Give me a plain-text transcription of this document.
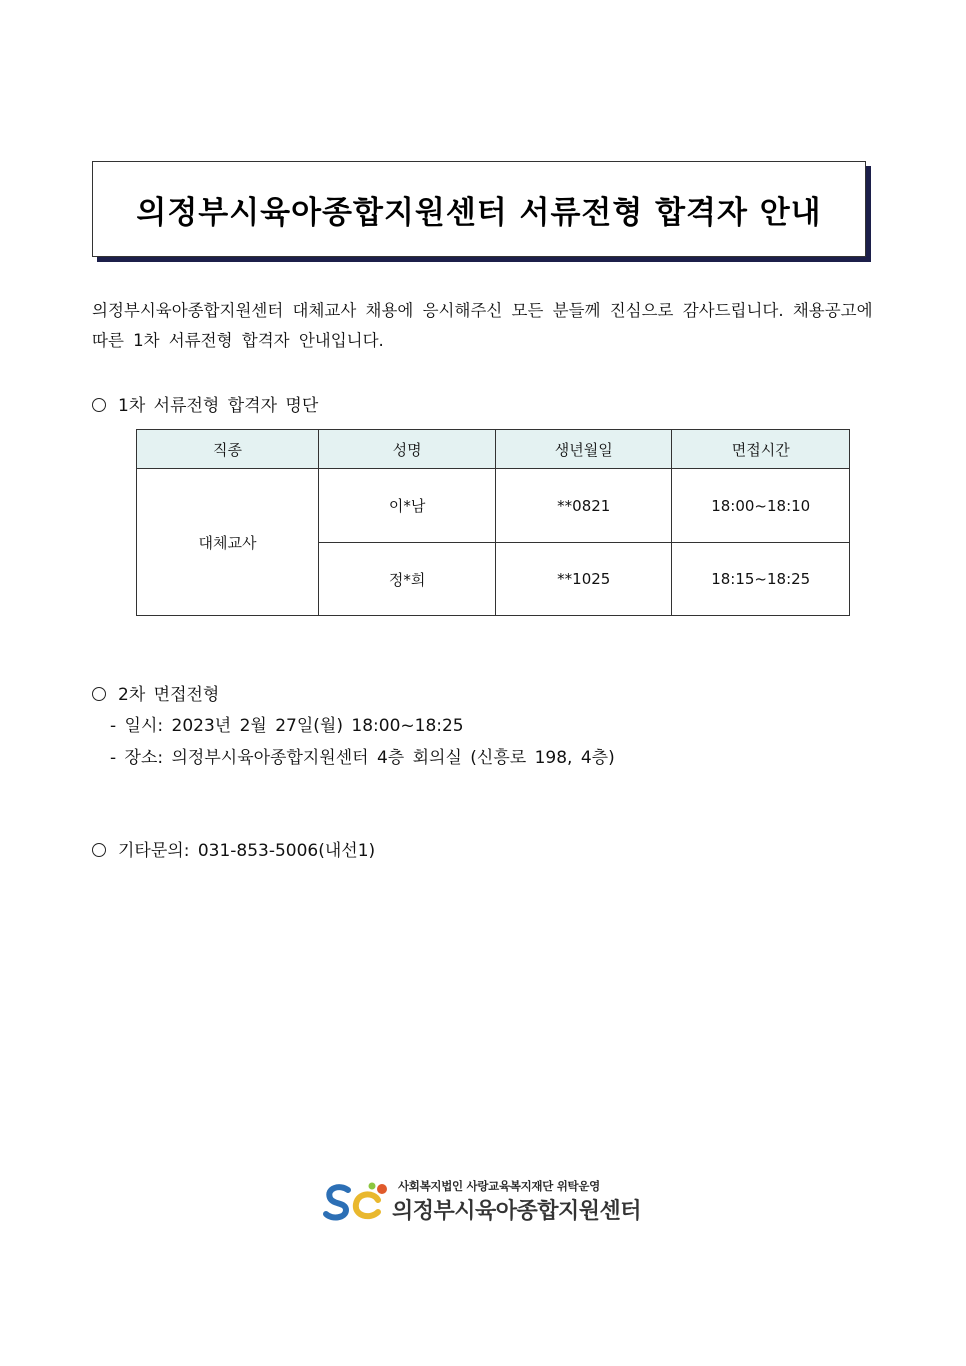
의정부시육아종합지원센터 서류전형 합격자 안내

의정부시육아종합지원센터 대체교사 채용에 응시해주신 모든 분들께 진심으로 감사드립니다. 채용공고에 따른 1차 서류전형 합격자 안내입니다.

1차 서류전형 합격자 명단

직종	성명	생년월일	면접시간
대체교사	이*남	**0821	18:00~18:10
	정*희	**1025	18:15~18:25

2차 면접전형

- 일시: 2023년 2월 27일(월) 18:00~18:25

- 장소: 의정부시육아종합지원센터 4층 회의실 (신흥로 198, 4층)

기타문의: 031-853-5006(내선1)

사회복지법인 사랑교육복지재단 위탁운영
의정부시육아종합지원센터
